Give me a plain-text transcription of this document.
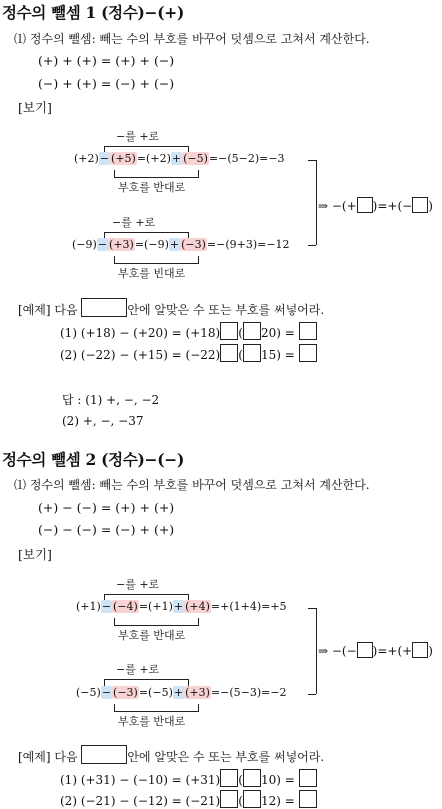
정수의 뺄셈 1 (정수)−(+)
⑴ 정수의 뺄셈: 빼는 수의 부호를 바꾸어 덧셈으로 고쳐서 계산한다.
(+) + (+) = (+) + (−)
(−) + (+) = (−) + (−)
[보기]
−를 +로
(+2)− (+5)=(+2)+ (−5)=−(5−2)=−3
부호를 반대로
−를 +로
(−9)− (+3)=(−9)+ (−3)=−(9+3)=−12
부호를 빈대로
⇒ −(+ )=+(− )
[예제] 다음	안에 알맞은 수 또는 부호를 써넣어라.
(1) (+18) − (+20) = (+18) ( 20) =
(2) (−22) − (+15) = (−22) ( 15) =
답 : (1) +, −, −2
(2) +, −, −37
정수의 뺄셈 2 (정수)−(−)
⑴ 정수의 뺄셈: 빼는 수의 부호를 바꾸어 덧셈으로 고쳐서 계산한다.
(+) − (−) = (+) + (+)
(−) − (−) = (−) + (+)
[보기]
−를 +로
(+1)− (−4)=(+1)+ (+4)=+(1+4)=+5
부호를 반대로
−를 +로
(−5)− (−3)=(−5)+ (+3)=−(5−3)=−2
부호를 반대로
⇒ −(− )=+(+ )
[예제] 다음	안에 알맞은 수 또는 부호를 써넣어라.
(1) (+31) − (−10) = (+31) ( 10) =
(2) (−21) − (−12) = (−21) ( 12) =
